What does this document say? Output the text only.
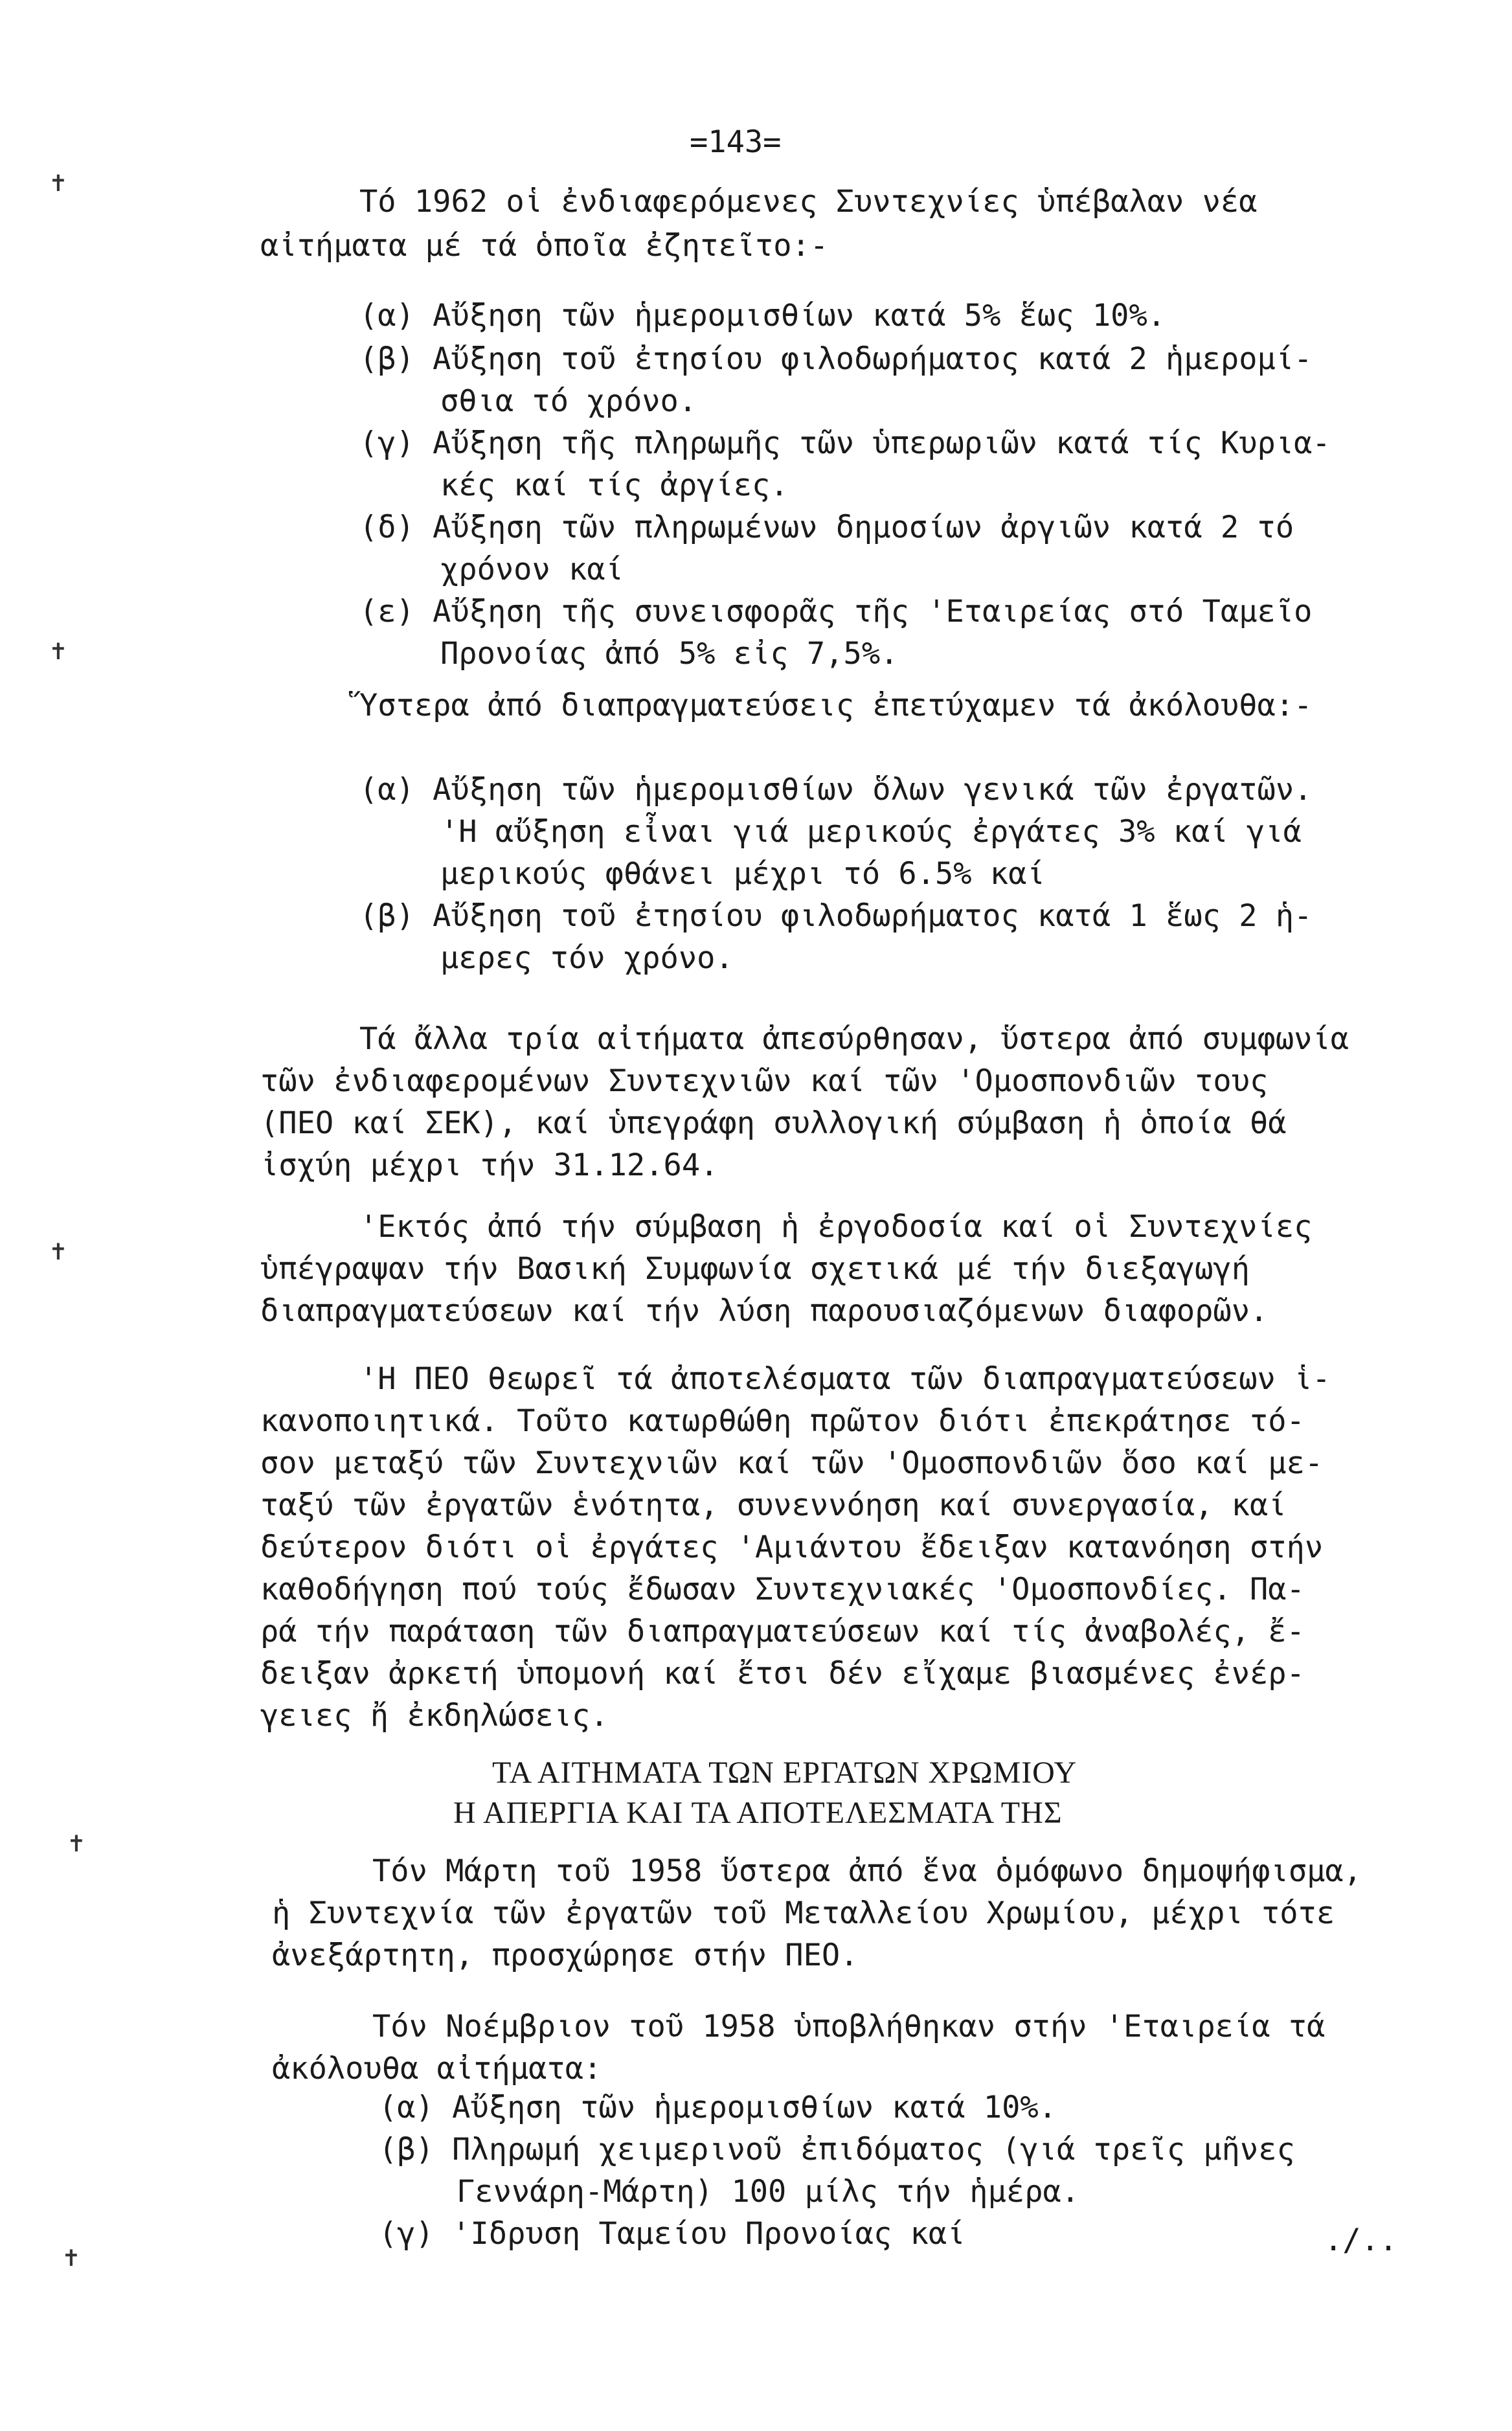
✝
✝
✝
✝
✝
=143=
Τό 1962 οἱ ἐνδιαφερόμενες Συντεχνίες ὑπέβαλαν νέα
αἰτήματα μέ τά ὁποῖα ἐζητεῖτο:-
(α) Αὔξηση τῶν ἡμερομισθίων κατά 5% ἕως 10%.
(β) Αὔξηση τοῦ ἐτησίου φιλοδωρήματος κατά 2 ἡμερομί-
σθια τό χρόνο.
(γ) Αὔξηση τῆς πληρωμῆς τῶν ὑπερωριῶν κατά τίς Κυρια-
κές καί τίς ἀργίες.
(δ) Αὔξηση τῶν πληρωμένων δημοσίων ἀργιῶν κατά 2 τό
χρόνον καί
(ε) Αὔξηση τῆς συνεισφορᾶς τῆς 'Εταιρείας στό Ταμεῖο
Προνοίας ἀπό 5% εἰς 7,5%.
Ὕστερα ἀπό διαπραγματεύσεις ἐπετύχαμεν τά ἀκόλουθα:-
(α) Αὔξηση τῶν ἡμερομισθίων ὅλων γενικά τῶν ἐργατῶν.
'Η αὔξηση εἶναι γιά μερικούς ἐργάτες 3% καί γιά
μερικούς φθάνει μέχρι τό 6.5% καί
(β) Αὔξηση τοῦ ἐτησίου φιλοδωρήματος κατά 1 ἕως 2 ἡ-
μερες τόν χρόνο.
Τά ἄλλα τρία αἰτήματα ἀπεσύρθησαν, ὕστερα ἀπό συμφωνία
τῶν ἐνδιαφερομένων Συντεχνιῶν καί τῶν 'Ομοσπονδιῶν τους
(ΠΕΟ καί ΣΕΚ), καί ὑπεγράφη συλλογική σύμβαση ἡ ὁποία θά
ἰσχύη μέχρι τήν 31.12.64.
'Εκτός ἀπό τήν σύμβαση ἡ ἐργοδοσία καί οἱ Συντεχνίες
ὑπέγραψαν τήν Βασική Συμφωνία σχετικά μέ τήν διεξαγωγή
διαπραγματεύσεων καί τήν λύση παρουσιαζόμενων διαφορῶν.
'Η ΠΕΟ θεωρεῖ τά ἀποτελέσματα τῶν διαπραγματεύσεων ἱ-
κανοποιητικά. Τοῦτο κατωρθώθη πρῶτον διότι ἐπεκράτησε τό-
σον μεταξύ τῶν Συντεχνιῶν καί τῶν 'Ομοσπονδιῶν ὅσο καί με-
ταξύ τῶν ἐργατῶν ἑνότητα, συνεννόηση καί συνεργασία, καί
δεύτερον διότι οἱ ἐργάτες 'Αμιάντου ἔδειξαν κατανόηση στήν
καθοδήγηση πού τούς ἔδωσαν Συντεχνιακές 'Ομοσπονδίες. Πα-
ρά τήν παράταση τῶν διαπραγματεύσεων καί τίς ἀναβολές, ἔ-
δειξαν ἀρκετή ὑπομονή καί ἔτσι δέν εἴχαμε βιασμένες ἐνέρ-
γειες ἤ ἐκδηλώσεις.
ΤΑ ΑΙΤΗΜΑΤΑ ΤΩΝ ΕΡΓΑΤΩΝ ΧΡΩΜΙΟΥ
Η ΑΠΕΡΓΙΑ ΚΑΙ ΤΑ ΑΠΟΤΕΛΕΣΜΑΤΑ ΤΗΣ
Τόν Μάρτη τοῦ 1958 ὕστερα ἀπό ἕνα ὁμόφωνο δημοψήφισμα,
ἡ Συντεχνία τῶν ἐργατῶν τοῦ Μεταλλείου Χρωμίου, μέχρι τότε
ἀνεξάρτητη, προσχώρησε στήν ΠΕΟ.
Τόν Νοέμβριον τοῦ 1958 ὑποβλήθηκαν στήν 'Εταιρεία τά
ἀκόλουθα αἰτήματα:
(α) Αὔξηση τῶν ἡμερομισθίων κατά 10%.
(β) Πληρωμή χειμερινοῦ ἐπιδόματος (γιά τρεῖς μῆνες
Γεννάρη-Μάρτη) 100 μίλς τήν ἡμέρα.
(γ) 'Ιδρυση Ταμείου Προνοίας καί	./..
